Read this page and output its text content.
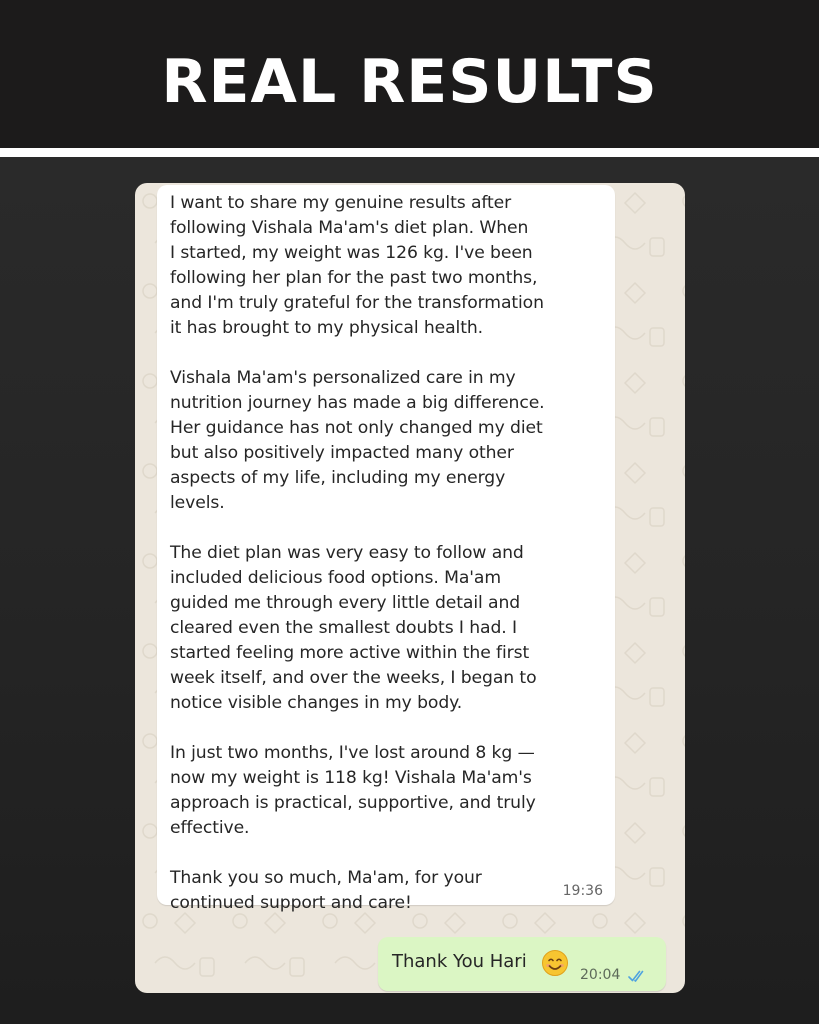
REAL RESULTS

I want to share my genuine results after
following Vishala Ma'am's diet plan. When
I started, my weight was 126 kg. I've been
following her plan for the past two months,
and I'm truly grateful for the transformation
it has brought to my physical health.

Vishala Ma'am's personalized care in my
nutrition journey has made a big difference.
Her guidance has not only changed my diet
but also positively impacted many other
aspects of my life, including my energy
levels.

The diet plan was very easy to follow and
included delicious food options. Ma'am
guided me through every little detail and
cleared even the smallest doubts I had. I
started feeling more active within the first
week itself, and over the weeks, I began to
notice visible changes in my body.

In just two months, I've lost around 8 kg —
now my weight is 118 kg! Vishala Ma'am's
approach is practical, supportive, and truly
effective.

Thank you so much, Ma'am, for your
continued support and care!

19:36
Thank You Hari
20:04
